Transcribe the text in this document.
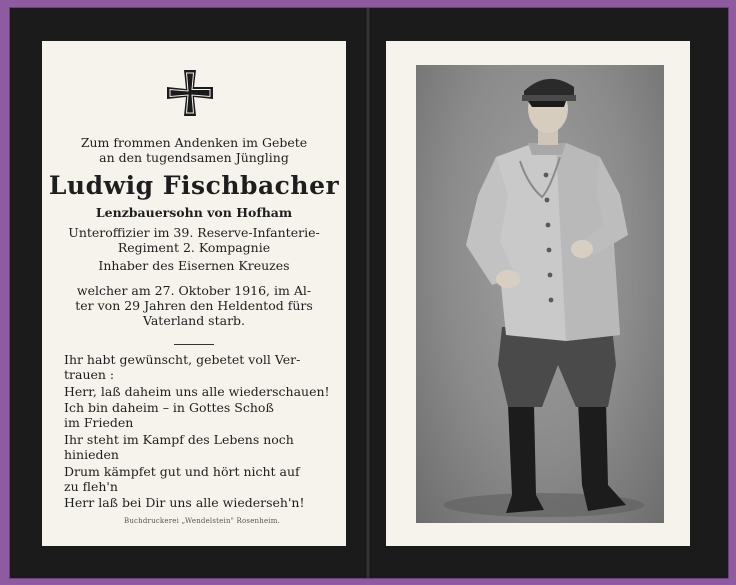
Zum frommen Andenken im Gebete
an den tugendsamen Jüngling
Ludwig Fischbacher
Lenzbauersohn von Hofham
Unteroffizier im 39. Reserve-Infanterie-
Regiment 2. Kompagnie
Inhaber des Eisernen Kreuzes
welcher am 27. Oktober 1916, im Al-
ter von 29 Jahren den Heldentod fürs
Vaterland starb.
Ihr habt gewünscht, gebetet voll Ver-
trauen :
Herr, laß daheim uns alle wiederschauen!
Ich bin daheim – in Gottes Schoß
im Frieden
Ihr steht im Kampf des Lebens noch
hinieden
Drum kämpfet gut und hört nicht auf
zu fleh'n
Herr laß bei Dir uns alle wiederseh'n!
Buchdruckerei „Wendelstein" Rosenheim.
